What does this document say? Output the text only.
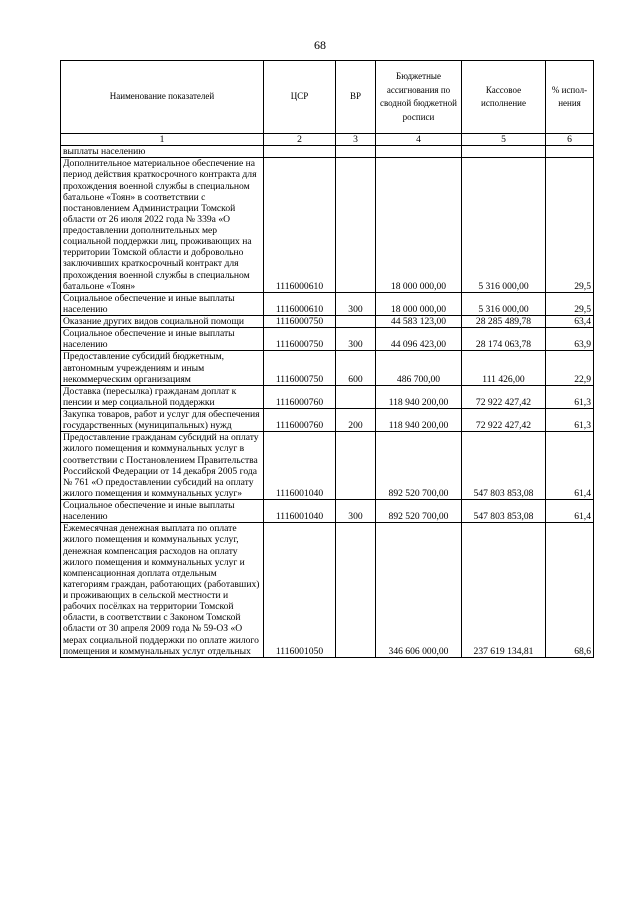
68
Наименование показателей	ЦСР	ВР	Бюджетные ассигнования по сводной бюджетной росписи	Кассовое исполнение	% испол-нения
1	2	3	4	5	6
выплаты населению					
Дополнительное материальное обеспечение на период действия краткосрочного контракта для прохождения военной службы в специальном батальоне «Тоян» в соответствии с постановлением Администрации Томской области от 26 июля 2022 года № 339а «О предоставлении дополнительных мер социальной поддержки лиц, проживающих на территории Томской области и добровольно заключивших краткосрочный контракт для прохождения военной службы в специальном батальоне «Тоян»	1116000610		18 000 000,00	5 316 000,00	29,5
Социальное обеспечение и иные выплаты населению	1116000610	300	18 000 000,00	5 316 000,00	29,5
Оказание других видов социальной помощи	1116000750		44 583 123,00	28 285 489,78	63,4
Социальное обеспечение и иные выплаты населению	1116000750	300	44 096 423,00	28 174 063,78	63,9
Предоставление субсидий бюджетным, автономным учреждениям и иным некоммерческим организациям	1116000750	600	486 700,00	111 426,00	22,9
Доставка (пересылка) гражданам доплат к пенсии и мер социальной поддержки	1116000760		118 940 200,00	72 922 427,42	61,3
Закупка товаров, работ и услуг для обеспечения государственных (муниципальных) нужд	1116000760	200	118 940 200,00	72 922 427,42	61,3
Предоставление гражданам субсидий на оплату жилого помещения и коммунальных услуг в соответствии с Постановлением Правительства Российской Федерации от 14 декабря 2005 года № 761 «О предоставлении субсидий на оплату жилого помещения и коммунальных услуг»	1116001040		892 520 700,00	547 803 853,08	61,4
Социальное обеспечение и иные выплаты населению	1116001040	300	892 520 700,00	547 803 853,08	61,4
Ежемесячная денежная выплата по оплате жилого помещения и коммунальных услуг, денежная компенсация расходов на оплату жилого помещения и коммунальных услуг и компенсационная доплата отдельным категориям граждан, работающих (работавших) и проживающих в сельской местности и рабочих посёлках на территории Томской области, в соответствии с Законом Томской области от 30 апреля 2009 года № 59-ОЗ «О мерах социальной поддержки по оплате жилого помещения и коммунальных услуг отдельных	1116001050		346 606 000,00	237 619 134,81	68,6
